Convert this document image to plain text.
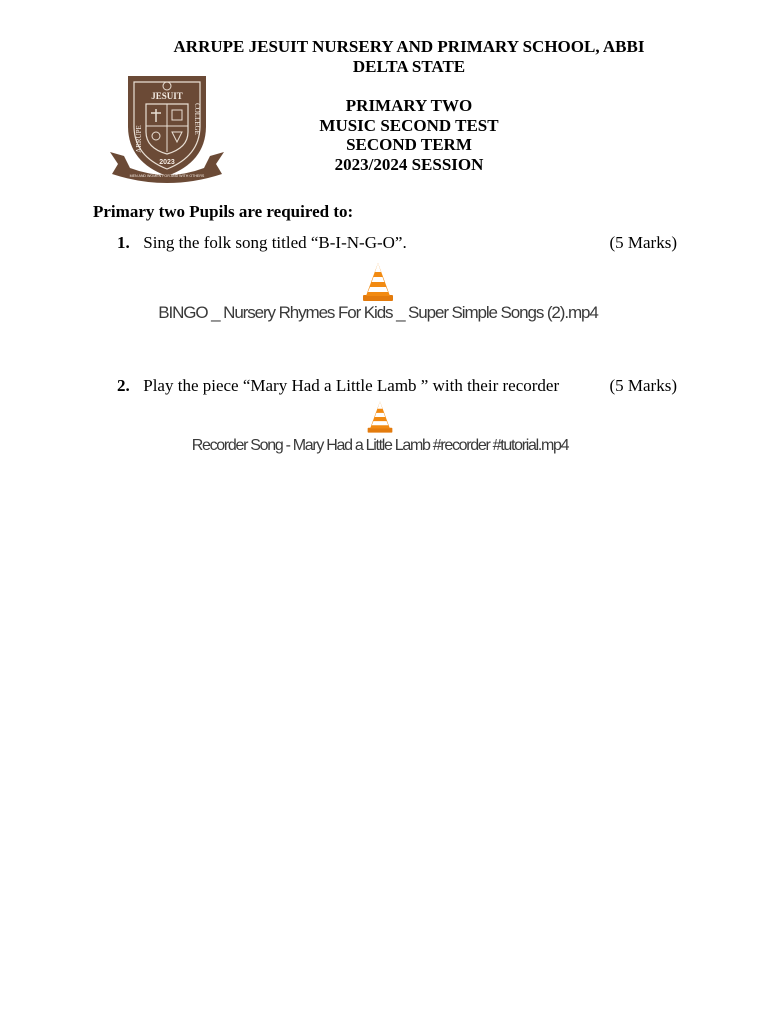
ARRUPE JESUIT NURSERY AND PRIMARY SCHOOL, ABBI
DELTA STATE
JESUIT
ARRUPE
COLLEGE
2023
MEN AND WOMEN FOR AND WITH OTHERS
PRIMARY TWO
MUSIC SECOND TEST
SECOND TERM
2023/2024 SESSION
Primary two Pupils are required to:
1. Sing the folk song titled “B-I-N-G-O”.	(5 Marks)
BINGO _ Nursery Rhymes For Kids _ Super Simple Songs (2).mp4
2. Play the piece “Mary Had a Little Lamb ” with their recorder	(5 Marks)
Recorder Song - Mary Had a Little Lamb #recorder #tutorial.mp4
